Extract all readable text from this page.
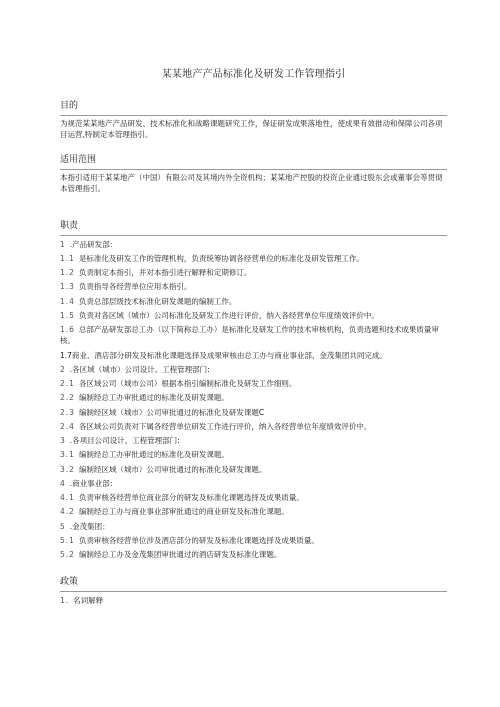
某某地产产品标准化及研发工作管理指引
目的

为规范某某地产产品研发、技术标准化和战略课题研究工作，保证研发成果落地性，使成果有效推动和保障公司各项目运营,特制定本管理指引。

适用范围

本指引适用于某某地产（中国）有限公司及其境内外全资机构；某某地产控股的投资企业通过股东会或董事会等贯彻本管理指引。

职责
1 .产品研发部：
1.1 是标准化及研发工作的管理机构，负责统筹协调各经营单位的标准化及研发管理工作。
1.2 负责制定本指引，并对本指引进行解释和定期修订。
1.3 负责指导各经营单位应用本指引。
1.4 负责总部层级技术标准化研发课题的编制工作。
1.5 负责对各区域（城市）公司标准化及研发工作进行评价，纳入各经营单位年度绩效评价中。
1.6 总部产品研发部总工办（以下简称总工办）是标准化及研发工作的技术审核机构，负责选题和技术成果质量审核。
1.7商业、酒店部分研发及标准化课题选择及成果审核由总工办与商业事业部、金茂集团共同完成。
2 .各区域（城市）公司设计、工程管理部门:
2.1 各区域公司（城市公司）根据本指引编制标准化及研发工作细则。
2.2 编制经总工办审批通过的标准化及研发课题。
2.3 编制经区域（城市）公司审批通过的标准化及研发课题C
2.4 各区域公司负责对下属各经营单位研发工作进行评价，纳入各经营单位年度绩效评价中。
3 .各项目公司设计、工程管理部门:
3.1 编制经总工办审批通过的标准化及研发课题。
3.2 编制经区域（城市）公司审批通过的标准化及研发课题。
4 .商业事业部：
4.1 负责审核各经营单位商业部分的研发及标准化课题选择及成果质量。
4.2 编制经总工办与商业事业部审批通过的商业研发及标准化课题。
5 .金茂集团：
5.1 负责审核各经营单位涉及酒店部分的研发及标准化课题选择及成果质量。
5.2 编制经总工办及金茂集团审批通过的酒店研发及标准化课题。
政策
1. 名词解释
